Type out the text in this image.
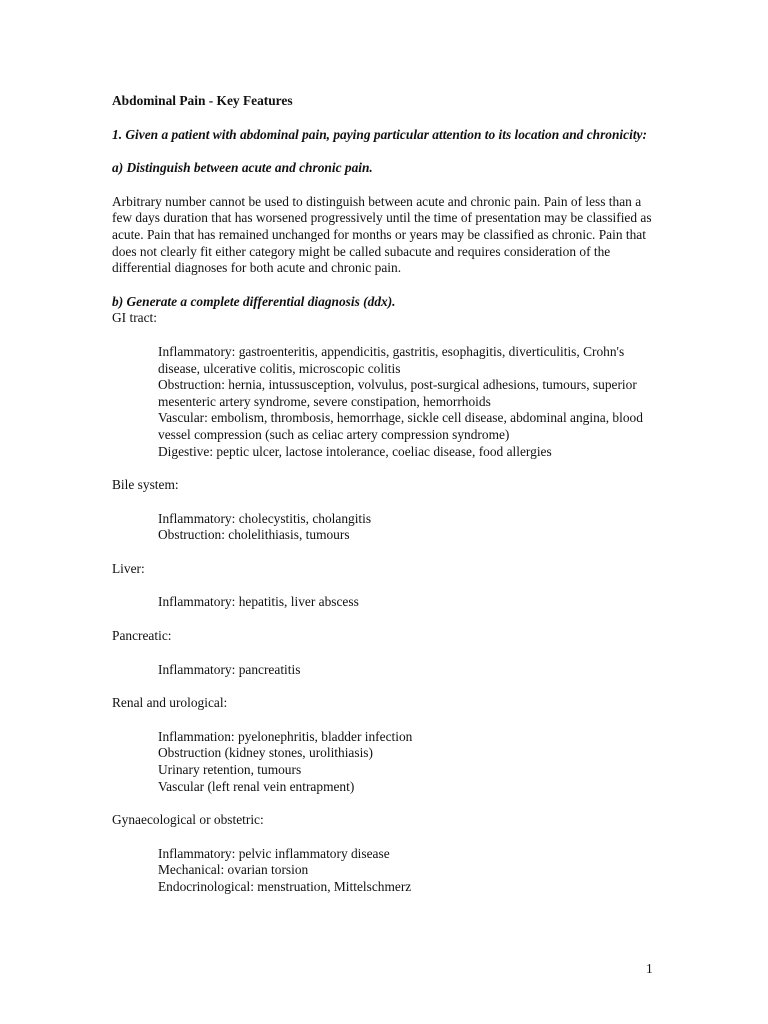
Abdominal Pain - Key Features
1. Given a patient with abdominal pain, paying particular attention to its location and chronicity:
a) Distinguish between acute and chronic pain.
Arbitrary number cannot be used to distinguish between acute and chronic pain. Pain of less than a few days duration that has worsened progressively until the time of presentation may be classified as acute. Pain that has remained unchanged for months or years may be classified as chronic. Pain that does not clearly fit either category might be called subacute and requires consideration of the differential diagnoses for both acute and chronic pain.
b) Generate a complete differential diagnosis (ddx).
GI tract:
Inflammatory: gastroenteritis, appendicitis, gastritis, esophagitis, diverticulitis, Crohn's disease, ulcerative colitis, microscopic colitis
Obstruction: hernia, intussusception, volvulus, post-surgical adhesions, tumours, superior mesenteric artery syndrome, severe constipation, hemorrhoids
Vascular: embolism, thrombosis, hemorrhage, sickle cell disease, abdominal angina, blood vessel compression (such as celiac artery compression syndrome)
Digestive: peptic ulcer, lactose intolerance, coeliac disease, food allergies
Bile system:
Inflammatory: cholecystitis, cholangitis
Obstruction: cholelithiasis, tumours
Liver:
Inflammatory: hepatitis, liver abscess
Pancreatic:
Inflammatory: pancreatitis
Renal and urological:
Inflammation: pyelonephritis, bladder infection
Obstruction (kidney stones, urolithiasis)
Urinary retention, tumours
Vascular (left renal vein entrapment)
Gynaecological or obstetric:
Inflammatory: pelvic inflammatory disease
Mechanical: ovarian torsion
Endocrinological: menstruation, Mittelschmerz
1
